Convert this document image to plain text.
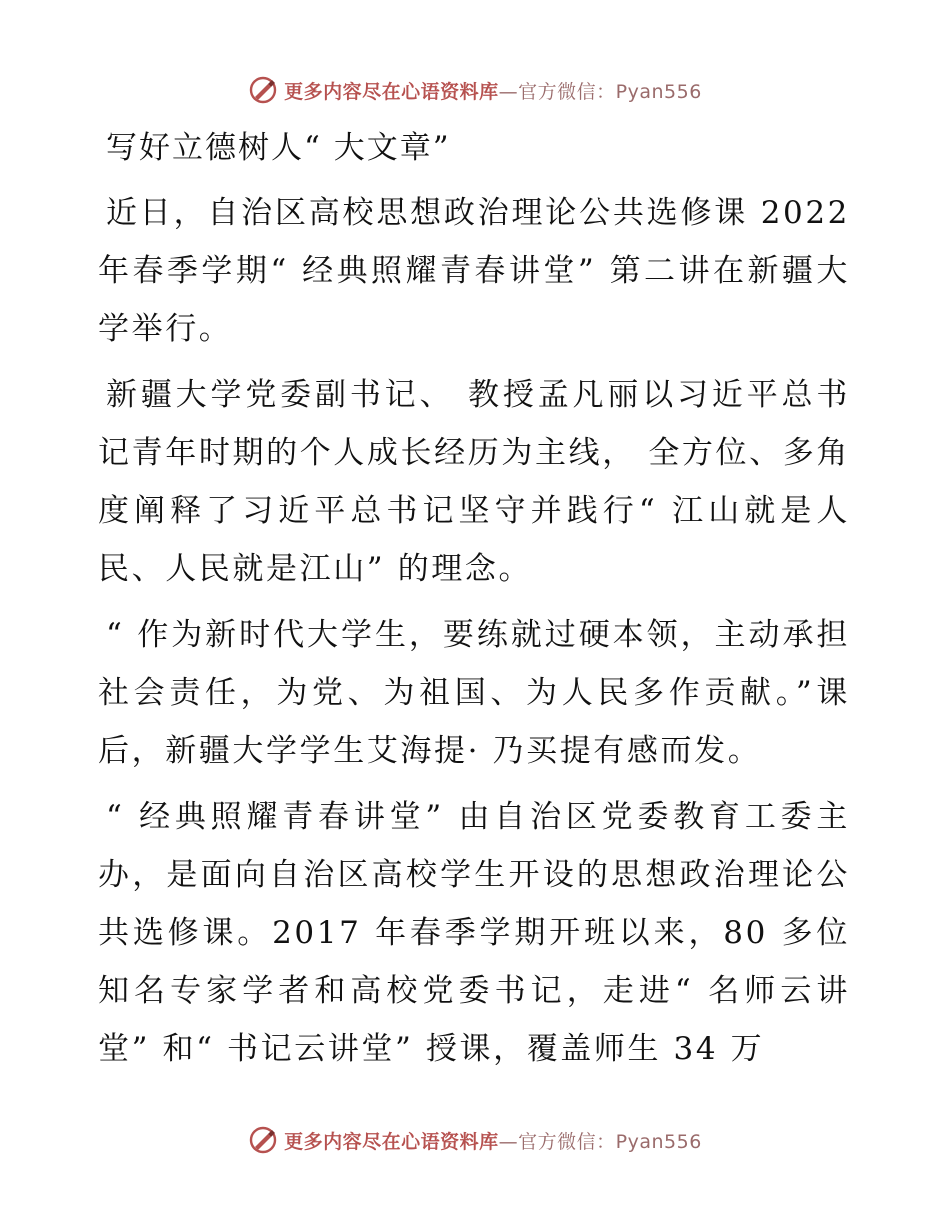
更多内容尽在心语资料库—官方微信：Pyan556
写好立德树人“ 大文章”

近日，自治区高校思想政治理论公共选修课 2022 年春季学期“ 经典照耀青春讲堂” 第二讲在新疆大学举行。

新疆大学党委副书记、 教授孟凡丽以习近平总书记青年时期的个人成长经历为主线， 全方位、多角度阐释了习近平总书记坚守并践行“ 江山就是人民、人民就是江山” 的理念。

“ 作为新时代大学生，要练就过硬本领，主动承担社会责任，为党、为祖国、为人民多作贡献。”课后，新疆大学学生艾海提· 乃买提有感而发。

“ 经典照耀青春讲堂” 由自治区党委教育工委主办，是面向自治区高校学生开设的思想政治理论公共选修课。2017 年春季学期开班以来，80 多位知名专家学者和高校党委书记，走进“ 名师云讲堂” 和“ 书记云讲堂” 授课，覆盖师生 34 万

更多内容尽在心语资料库—官方微信：Pyan556
